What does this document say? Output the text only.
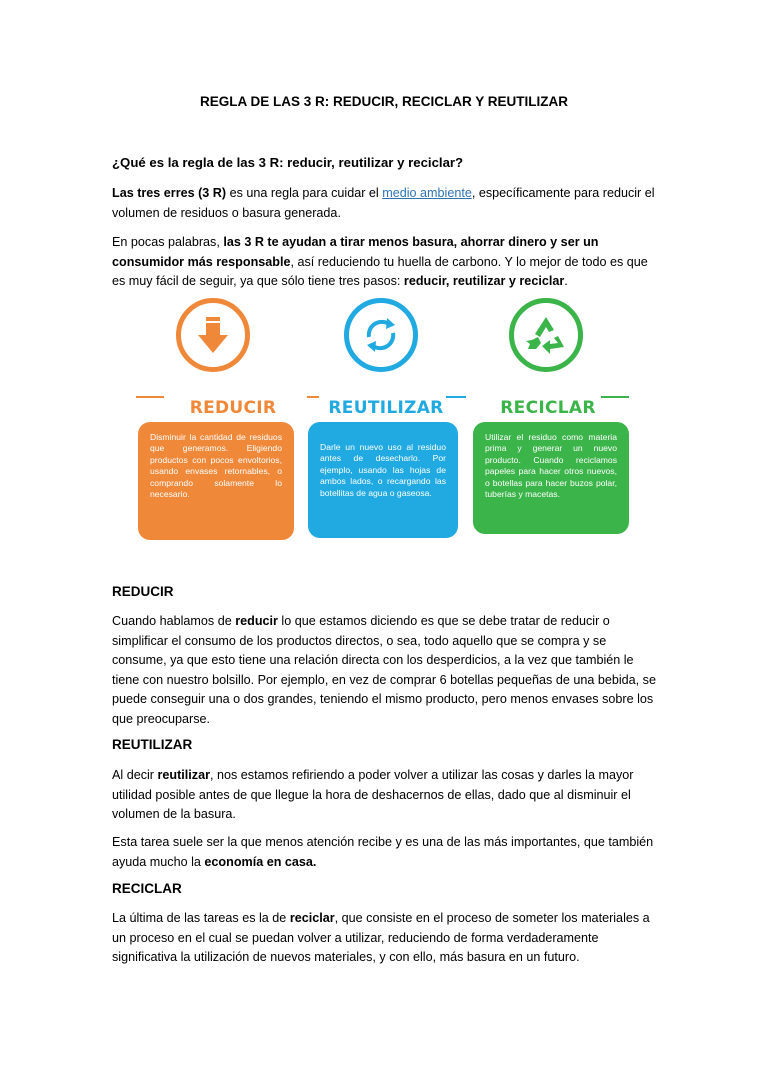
REGLA DE LAS 3 R: REDUCIR, RECICLAR Y REUTILIZAR
¿Qué es la regla de las 3 R: reducir, reutilizar y reciclar?
Las tres erres (3 R) es una regla para cuidar el medio ambiente, específicamente para reducir el volumen de residuos o basura generada.
En pocas palabras, las 3 R te ayudan a tirar menos basura, ahorrar dinero y ser un consumidor más responsable, así reduciendo tu huella de carbono. Y lo mejor de todo es que es muy fácil de seguir, ya que sólo tiene tres pasos: reducir, reutilizar y reciclar.
REDUCIR	REUTILIZAR	RECICLAR
Disminuir la cantidad de residuos que generamos. Eligiendo productos con pocos envoltorios, usando envases retornables, o comprando solamente lo necesario.
Darle un nuevo uso al residuo antes de desecharlo. Por ejemplo, usando las hojas de ambos lados, o recargando las botellitas de agua o gaseosa.
Utilizar el residuo como materia prima y generar un nuevo producto. Cuando reciclamos papeles para hacer otros nuevos, o botellas para hacer buzos polar, tuberías y macetas.
REDUCIR
Cuando hablamos de reducir lo que estamos diciendo es que se debe tratar de reducir o simplificar el consumo de los productos directos, o sea, todo aquello que se compra y se consume, ya que esto tiene una relación directa con los desperdicios, a la vez que también le tiene con nuestro bolsillo. Por ejemplo, en vez de comprar 6 botellas pequeñas de una bebida, se puede conseguir una o dos grandes, teniendo el mismo producto, pero menos envases sobre los que preocuparse.
REUTILIZAR
Al decir reutilizar, nos estamos refiriendo a poder volver a utilizar las cosas y darles la mayor utilidad posible antes de que llegue la hora de deshacernos de ellas, dado que al disminuir el volumen de la basura.
Esta tarea suele ser la que menos atención recibe y es una de las más importantes, que también ayuda mucho la economía en casa.
RECICLAR
La última de las tareas es la de reciclar, que consiste en el proceso de someter los materiales a un proceso en el cual se puedan volver a utilizar, reduciendo de forma verdaderamente significativa la utilización de nuevos materiales, y con ello, más basura en un futuro.
